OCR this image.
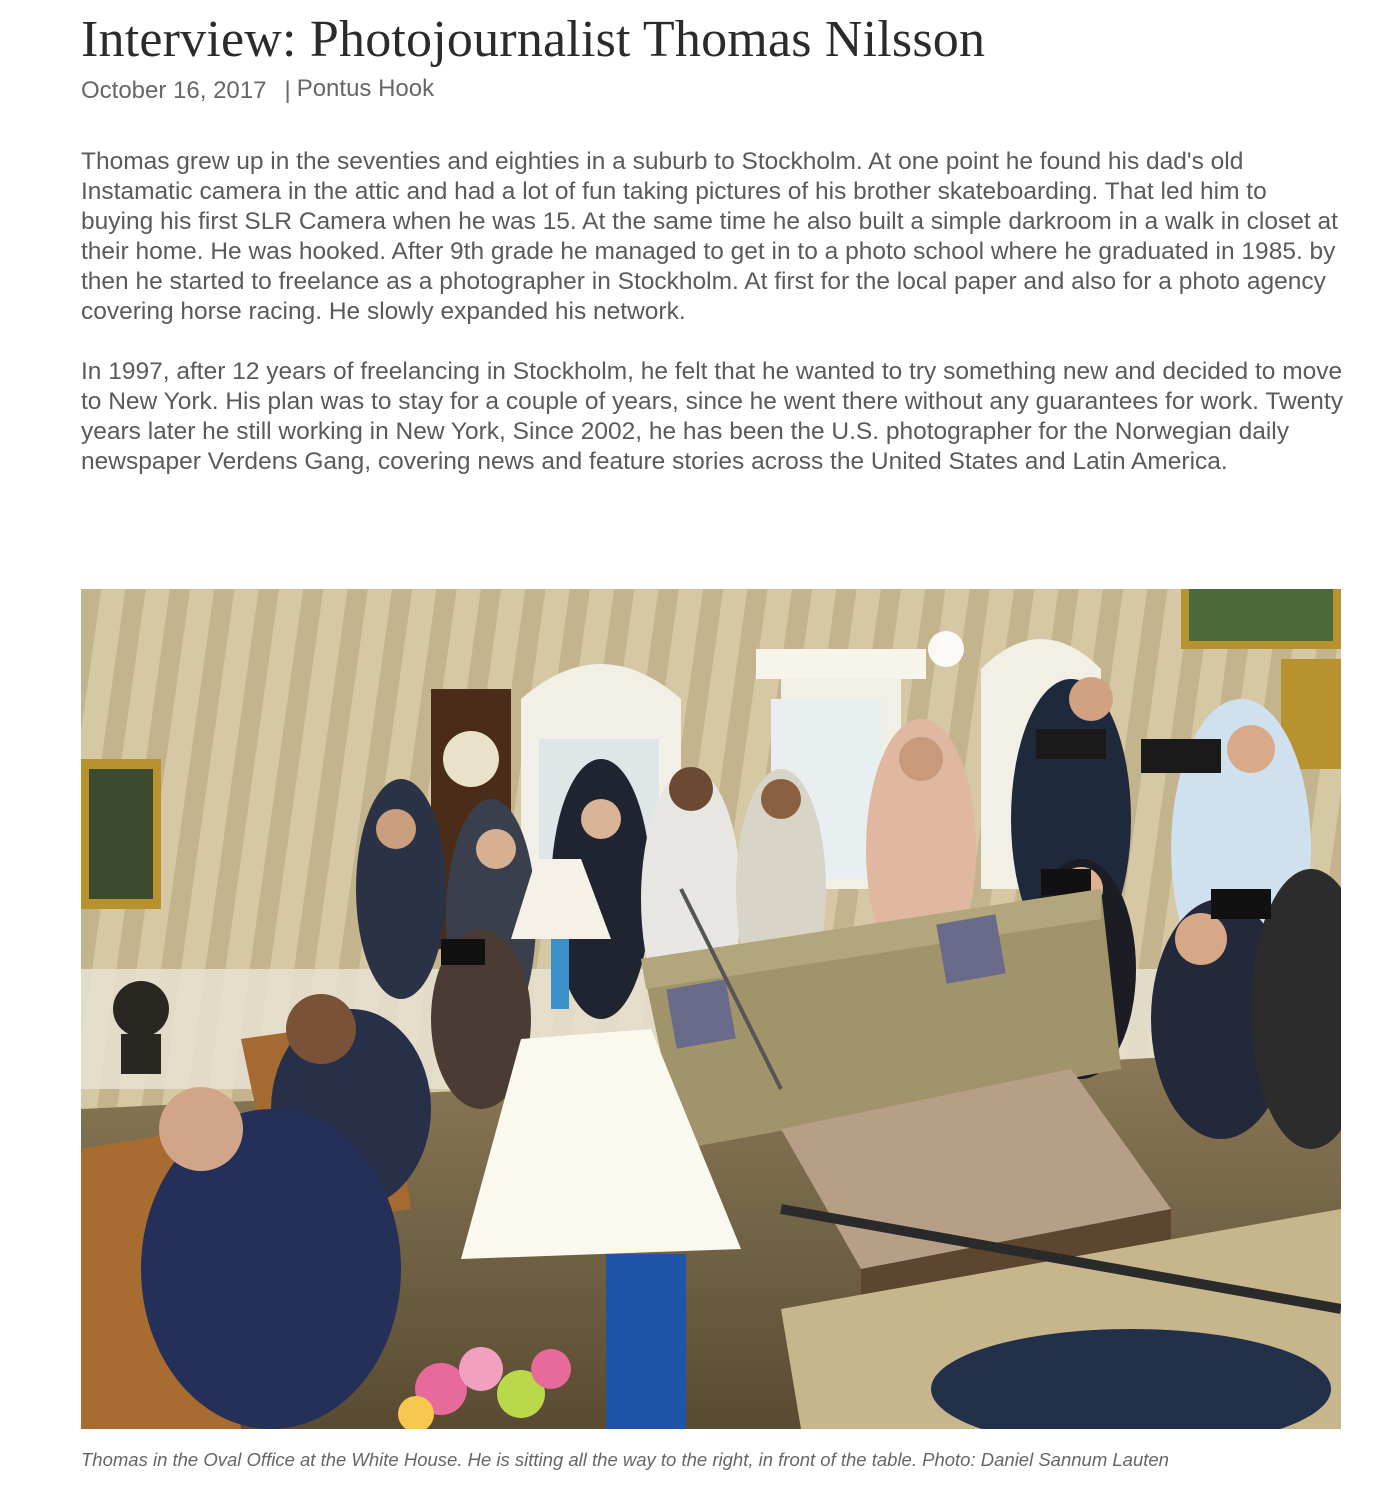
Interview: Photojournalist Thomas Nilsson
October 16, 2017 | Pontus Hook

Thomas grew up in the seventies and eighties in a suburb to Stockholm. At one point he found his dad's old Instamatic camera in the attic and had a lot of fun taking pictures of his brother skateboarding. That led him to buying his first SLR Camera when he was 15. At the same time he also built a simple darkroom in a walk in closet at their home. He was hooked. After 9th grade he managed to get in to a photo school where he graduated in 1985. by then he started to freelance as a photographer in Stockholm. At first for the local paper and also for a photo agency covering horse racing. He slowly expanded his network.

In 1997, after 12 years of freelancing in Stockholm, he felt that he wanted to try something new and decided to move to New York. His plan was to stay for a couple of years, since he went there without any guarantees for work. Twenty years later he still working in New York, Since 2002, he has been the U.S. photographer for the Norwegian daily newspaper Verdens Gang, covering news and feature stories across the United States and Latin America.

Thomas in the Oval Office at the White House. He is sitting all the way to the right, in front of the table. Photo: Daniel Sannum Lauten
